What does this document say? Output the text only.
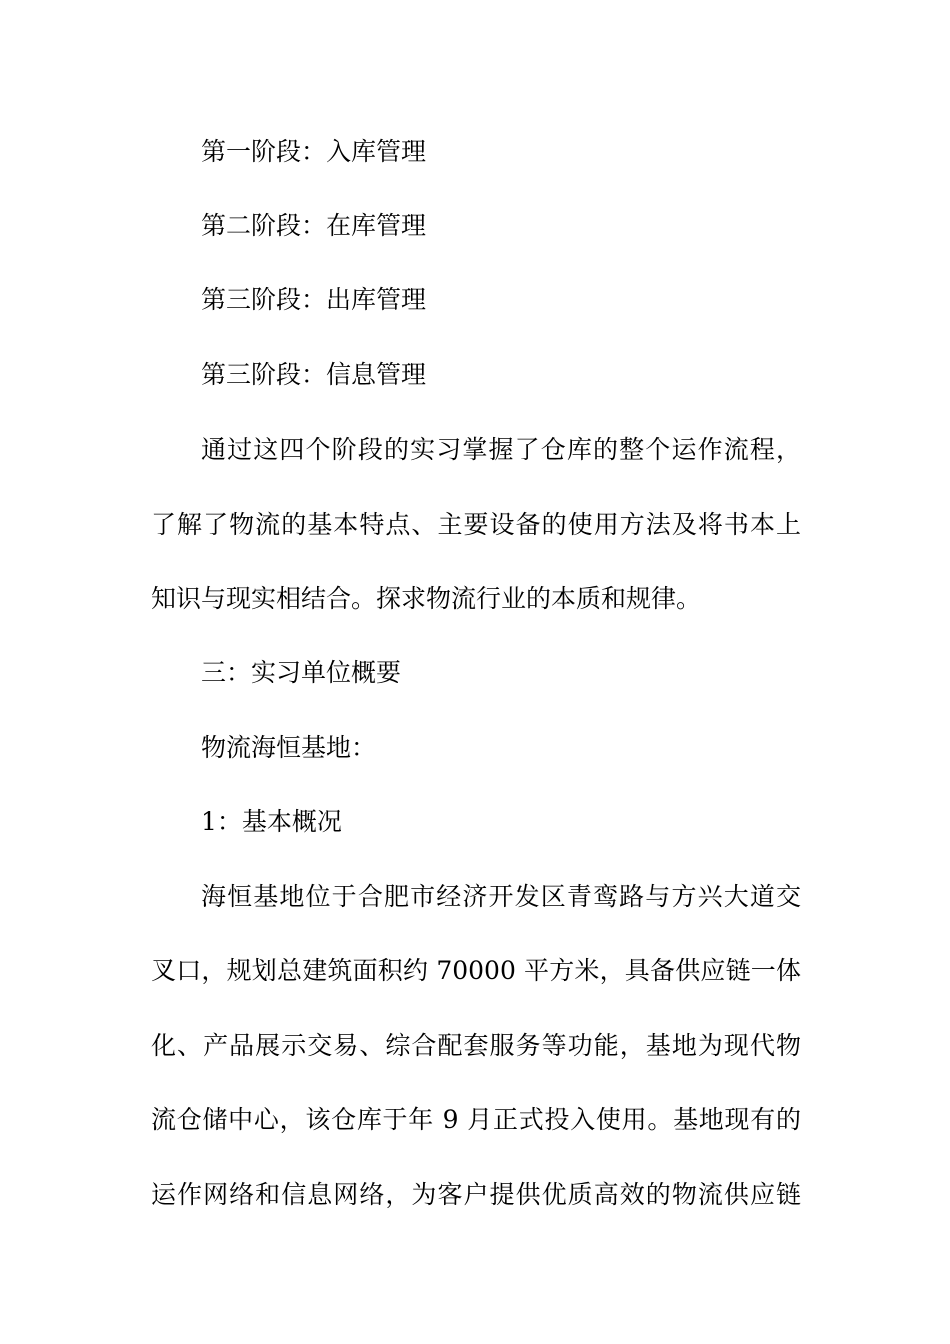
第一阶段：入库管理
第二阶段：在库管理
第三阶段：出库管理
第三阶段：信息管理
通过这四个阶段的实习掌握了仓库的整个运作流程，
了解了物流的基本特点、主要设备的使用方法及将书本上
知识与现实相结合。探求物流行业的本质和规律。
三：实习单位概要
物流海恒基地：
1：基本概况
海恒基地位于合肥市经济开发区青鸾路与方兴大道交
叉口，规划总建筑面积约 70000 平方米，具备供应链一体
化、产品展示交易、综合配套服务等功能，基地为现代物
流仓储中心，该仓库于年 9 月正式投入使用。基地现有的
运作网络和信息网络，为客户提供优质高效的物流供应链
